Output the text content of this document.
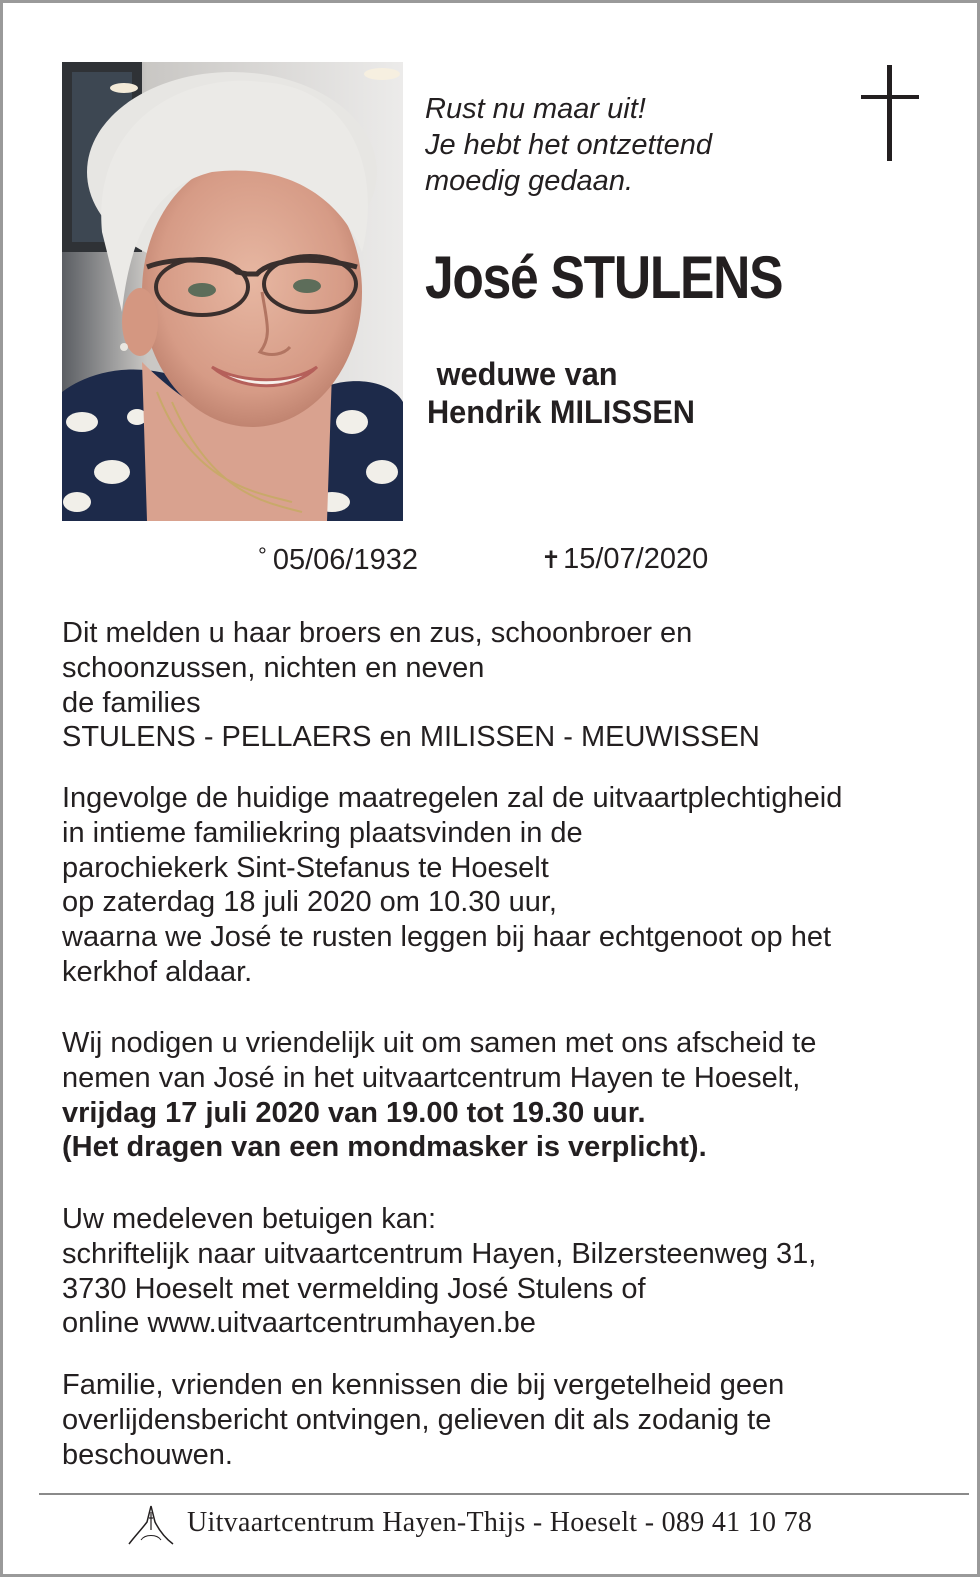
Rust nu maar uit!
Je hebt het ontzettend
moedig gedaan.
José STULENS
weduwe van
Hendrik MILISSEN
° 05/06/1932	✝15/07/2020
Dit melden u haar broers en zus, schoonbroer en
schoonzussen, nichten en neven
de families
STULENS - PELLAERS en MILISSEN - MEUWISSEN
Ingevolge de huidige maatregelen zal de uitvaartplechtigheid
in intieme familiekring plaatsvinden in de
parochiekerk Sint-Stefanus te Hoeselt
op zaterdag 18 juli 2020 om 10.30 uur,
waarna we José te rusten leggen bij haar echtgenoot op het
kerkhof aldaar.
Wij nodigen u vriendelijk uit om samen met ons afscheid te
nemen van José in het uitvaartcentrum Hayen te Hoeselt,
vrijdag 17 juli 2020 van 19.00 tot 19.30 uur.
(Het dragen van een mondmasker is verplicht).
Uw medeleven betuigen kan:
schriftelijk naar uitvaartcentrum Hayen, Bilzersteenweg 31,
3730 Hoeselt met vermelding José Stulens of
online www.uitvaartcentrumhayen.be
Familie, vrienden en kennissen die bij vergetelheid geen
overlijdensbericht ontvingen, gelieven dit als zodanig te
beschouwen.
Uitvaartcentrum Hayen-Thijs - Hoeselt - 089 41 10 78
